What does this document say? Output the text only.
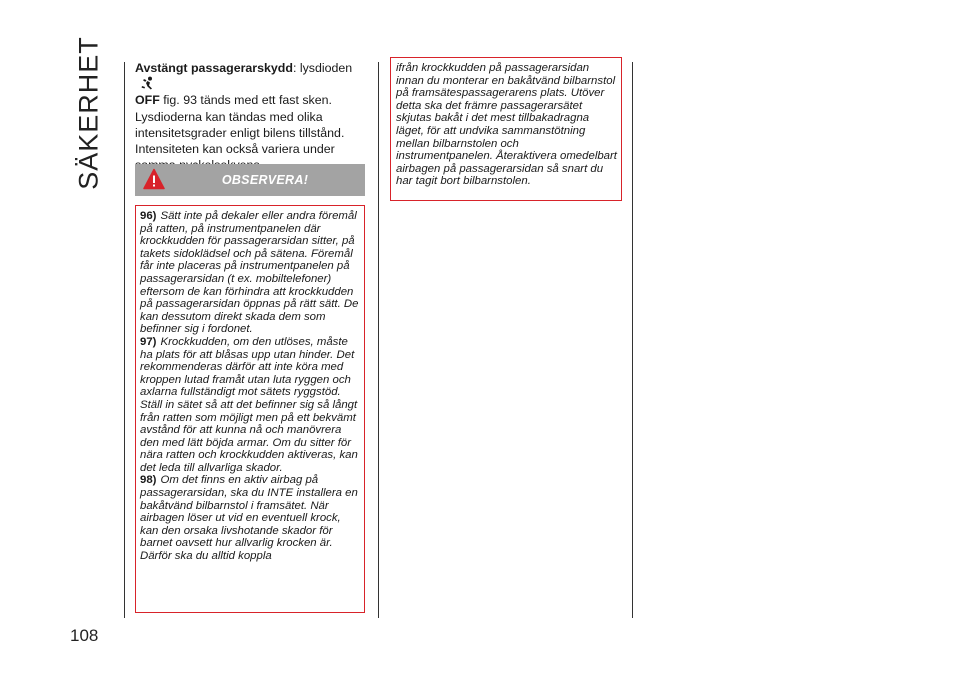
SÄKERHET
108
Avstängt passagerarskydd: lysdioden
OFF fig. 93 tänds med ett fast sken. Lysdioderna kan tändas med olika intensitetsgrader enligt bilens tillstånd. Intensiteten kan också variera under
OBSERVERA!

96) Sätt inte på dekaler eller andra föremål på ratten, på instrumentpanelen där krockkudden för passagerarsidan sitter, på takets sidoklädsel och på sätena. Föremål får inte placeras på instrumentpanelen på passagerarsidan (t ex. mobiltelefoner) eftersom de kan förhindra att krockkudden på passagerarsidan öppnas på rätt sätt. De kan dessutom direkt skada dem som befinner sig i fordonet.

97) Krockkudden, om den utlöses, måste ha plats för att blåsas upp utan hinder. Det rekommenderas därför att inte köra med kroppen lutad framåt utan luta ryggen och axlarna fullständigt mot sätets ryggstöd. Ställ in sätet så att det befinner sig så långt från ratten som möjligt men på ett bekvämt avstånd för att kunna nå och manövrera den med lätt böjda armar. Om du sitter för nära ratten och krockkudden aktiveras, kan det leda till allvarliga skador.

98) Om det finns en aktiv airbag på passagerarsidan, ska du INTE installera en bakåtvänd bilbarnstol i framsätet. När airbagen löser ut vid en eventuell krock, kan den orsaka livshotande skador för barnet oavsett hur allvarlig krocken är. Därför ska du alltid koppla

ifrån krockkudden på passagerarsidan innan du monterar en bakåtvänd bilbarnstol på framsätespassagerarens plats. Utöver detta ska det främre passagerarsätet skjutas bakåt i det mest tillbakadragna läget, för att undvika sammanstötning mellan bilbarnstolen och instrumentpanelen. Återaktivera omedelbart airbagen på passagerarsidan så snart du har tagit bort bilbarnstolen.
